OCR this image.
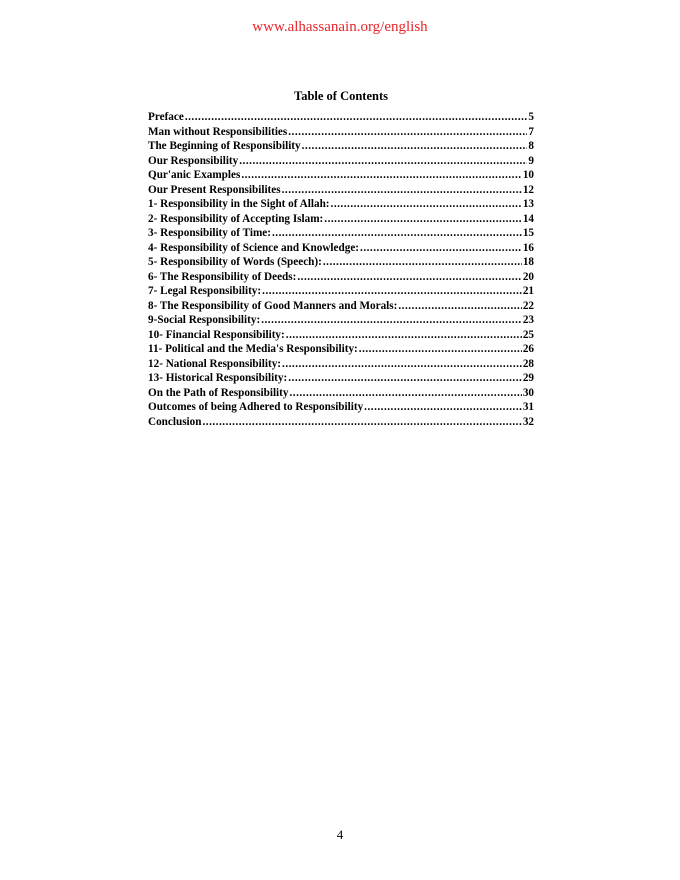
www.alhassanain.org/english
Table of Contents
Preface .....	5
Man without Responsibilities .....	7
The Beginning of Responsibility .....	8
Our Responsibility .....	9
Qur'anic Examples .....	10
Our Present Responsibilites .....	12
1- Responsibility in the Sight of Allah: .....	13
2- Responsibility of Accepting Islam: .....	14
3- Responsibility of Time: .....	15
4- Responsibility of Science and Knowledge: .....	16
5- Responsibility of Words (Speech): .....	18
6- The Responsibility of Deeds: .....	20
7- Legal Responsibility: .....	21
8- The Responsibility of Good Manners and Morals: .....	22
9-Social Responsibility: .....	23
10- Financial Responsibility: .....	25
11- Political and the Media's Responsibility: .....	26
12- National Responsibility: .....	28
13- Historical Responsibility: .....	29
On the Path of Responsibility .....	30
Outcomes of being Adhered to Responsibility .....	31
Conclusion .....	32
4
